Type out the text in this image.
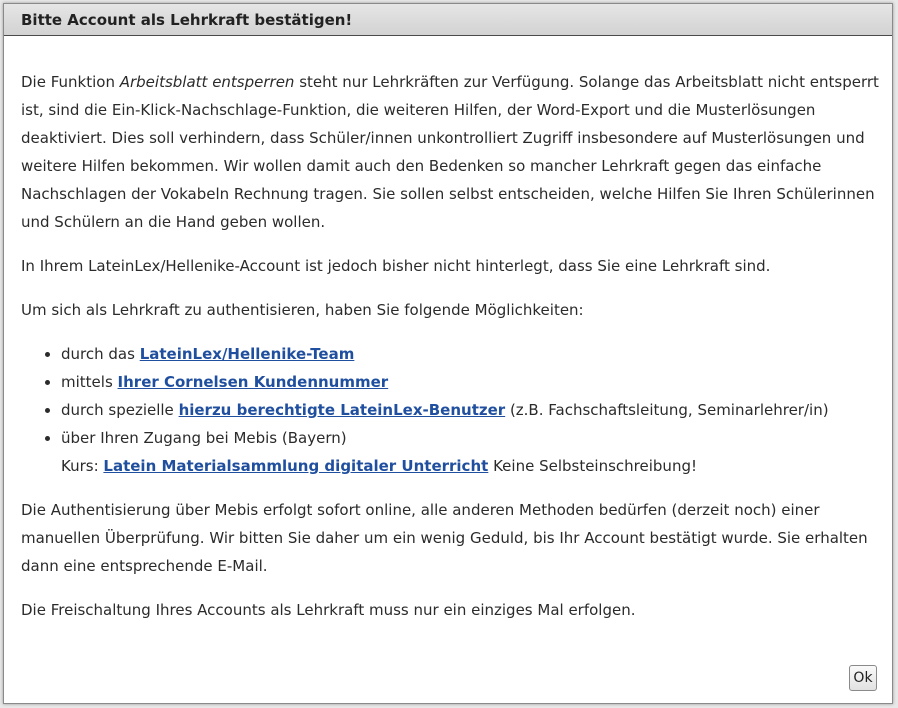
Bitte Account als Lehrkraft bestätigen!

Die Funktion Arbeitsblatt entsperren steht nur Lehrkräften zur Verfügung. Solange das Arbeitsblatt nicht entsperrt ist, sind die Ein-Klick-Nachschlage-Funktion, die weiteren Hilfen, der Word-Export und die Musterlösungen deaktiviert. Dies soll verhindern, dass Schüler/innen unkontrolliert Zugriff insbesondere auf Musterlösungen und weitere Hilfen bekommen. Wir wollen damit auch den Bedenken so mancher Lehrkraft gegen das einfache Nachschlagen der Vokabeln Rechnung tragen. Sie sollen selbst entscheiden, welche Hilfen Sie Ihren Schülerinnen und Schülern an die Hand geben wollen.

In Ihrem LateinLex/Hellenike-Account ist jedoch bisher nicht hinterlegt, dass Sie eine Lehrkraft sind.

Um sich als Lehrkraft zu authentisieren, haben Sie folgende Möglichkeiten:

• durch das LateinLex/Hellenike-Team
• mittels Ihrer Cornelsen Kundennummer
• durch spezielle hierzu berechtigte LateinLex-Benutzer (z.B. Fachschaftsleitung, Seminarlehrer/in)
• über Ihren Zugang bei Mebis (Bayern)
Kurs: Latein Materialsammlung digitaler Unterricht Keine Selbsteinschreibung!

Die Authentisierung über Mebis erfolgt sofort online, alle anderen Methoden bedürfen (derzeit noch) einer manuellen Überprüfung. Wir bitten Sie daher um ein wenig Geduld, bis Ihr Account bestätigt wurde. Sie erhalten dann eine entsprechende E-Mail.

Die Freischaltung Ihres Accounts als Lehrkraft muss nur ein einziges Mal erfolgen.

Ok
